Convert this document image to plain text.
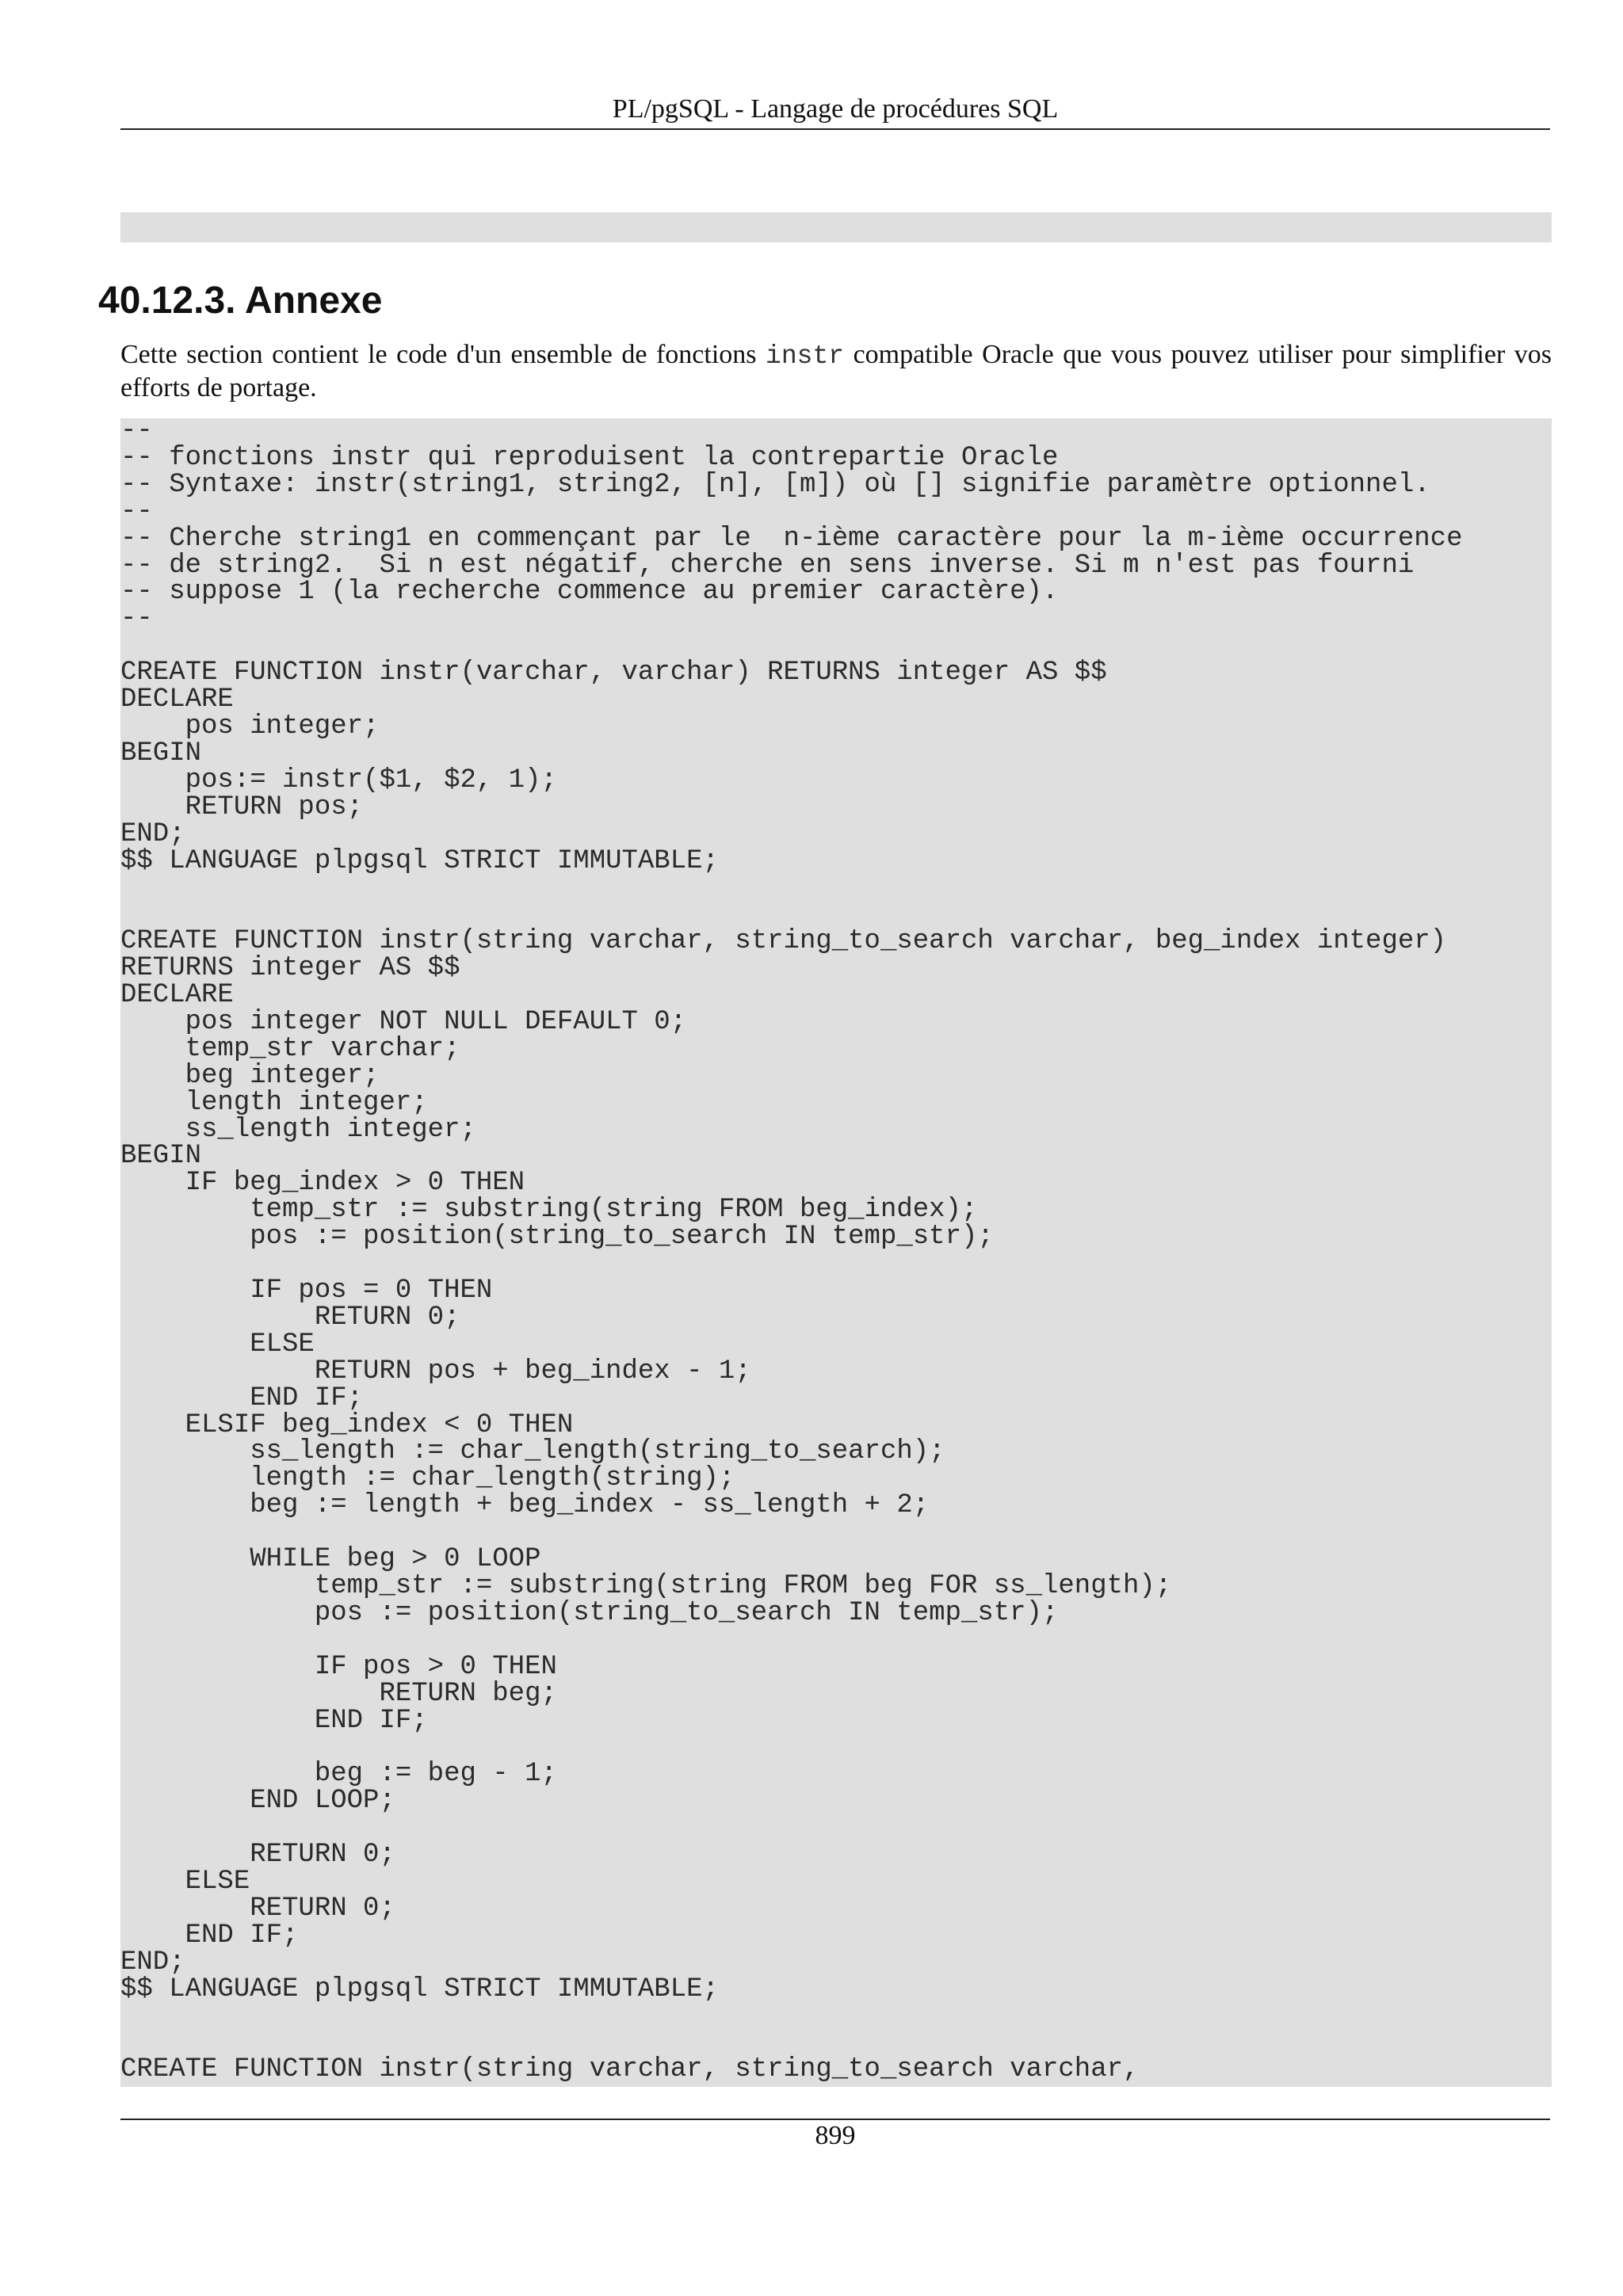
PL/pgSQL - Langage de procédures SQL
40.12.3. Annexe

Cette section contient le code d'un ensemble de fonctions instr compatible Oracle que vous pouvez utiliser pour simplifier vos efforts de portage.

--
-- fonctions instr qui reproduisent la contrepartie Oracle
-- Syntaxe: instr(string1, string2, [n], [m]) où [] signifie paramètre optionnel.
--
-- Cherche string1 en commençant par le  n-ième caractère pour la m-ième occurrence
-- de string2.  Si n est négatif, cherche en sens inverse. Si m n'est pas fourni
-- suppose 1 (la recherche commence au premier caractère).
--

CREATE FUNCTION instr(varchar, varchar) RETURNS integer AS $$
DECLARE
pos integer;
BEGIN
pos:= instr($1, $2, 1);
RETURN pos;
END;
$$ LANGUAGE plpgsql STRICT IMMUTABLE;

CREATE FUNCTION instr(string varchar, string_to_search varchar, beg_index integer)
RETURNS integer AS $$
DECLARE
pos integer NOT NULL DEFAULT 0;
temp_str varchar;
beg integer;
length integer;
ss_length integer;
BEGIN
IF beg_index > 0 THEN
temp_str := substring(string FROM beg_index);
pos := position(string_to_search IN temp_str);

IF pos = 0 THEN
RETURN 0;
ELSE
RETURN pos + beg_index - 1;
END IF;
ELSIF beg_index < 0 THEN
ss_length := char_length(string_to_search);
length := char_length(string);
beg := length + beg_index - ss_length + 2;

WHILE beg > 0 LOOP
temp_str := substring(string FROM beg FOR ss_length);
pos := position(string_to_search IN temp_str);

IF pos > 0 THEN
RETURN beg;
END IF;

beg := beg - 1;
END LOOP;

RETURN 0;
ELSE
RETURN 0;
END IF;
END;
$$ LANGUAGE plpgsql STRICT IMMUTABLE;

CREATE FUNCTION instr(string varchar, string_to_search varchar,
899
